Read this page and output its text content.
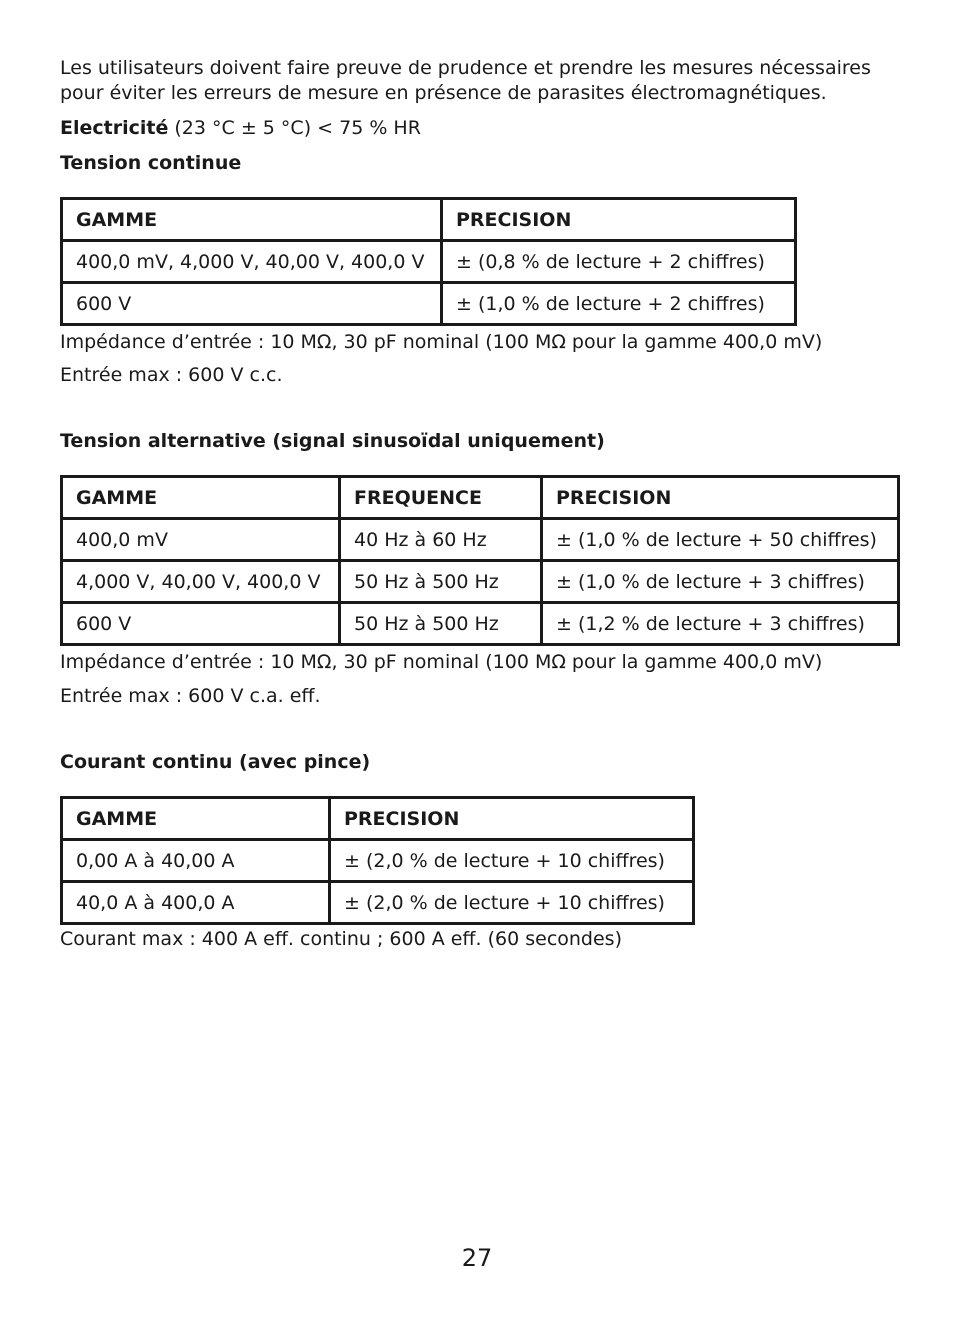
Les utilisateurs doivent faire preuve de prudence et prendre les mesures nécessaires pour éviter les erreurs de mesure en présence de parasites électromagnétiques.

Electricité (23 °C ± 5 °C) < 75 % HR

Tension continue

GAMME	PRECISION
400,0 mV, 4,000 V, 40,00 V, 400,0 V	± (0,8 % de lecture + 2 chiffres)
600 V	± (1,0 % de lecture + 2 chiffres)

Impédance d’entrée : 10 MΩ, 30 pF nominal (100 MΩ pour la gamme 400,0 mV)

Entrée max : 600 V c.c.

Tension alternative (signal sinusoïdal uniquement)

GAMME	FREQUENCE	PRECISION
400,0 mV	40 Hz à 60 Hz	± (1,0 % de lecture + 50 chiffres)
4,000 V, 40,00 V, 400,0 V	50 Hz à 500 Hz	± (1,0 % de lecture + 3 chiffres)
600 V	50 Hz à 500 Hz	± (1,2 % de lecture + 3 chiffres)

Impédance d’entrée : 10 MΩ, 30 pF nominal (100 MΩ pour la gamme 400,0 mV)

Entrée max : 600 V c.a. eff.

Courant continu (avec pince)

GAMME	PRECISION
0,00 A à 40,00 A	± (2,0 % de lecture + 10 chiffres)
40,0 A à 400,0 A	± (2,0 % de lecture + 10 chiffres)

Courant max : 400 A eff. continu ; 600 A eff. (60 secondes)

27
